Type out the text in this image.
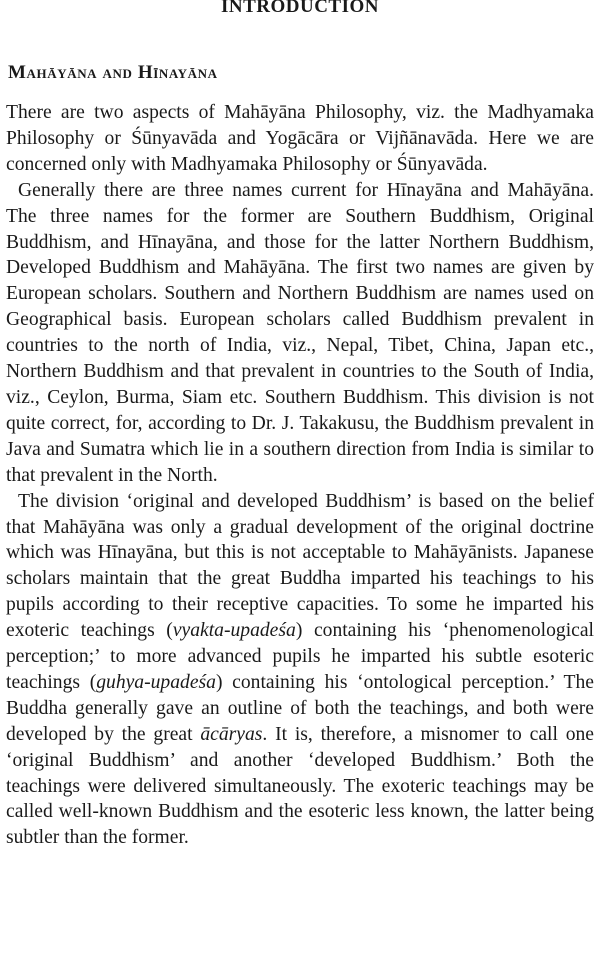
INTRODUCTION
Mahāyāna and Hīnayāna

There are two aspects of Mahāyāna Philosophy, viz. the Madhyamaka Philosophy or Śūnyavāda and Yogācāra or Vijñānavāda. Here we are concerned only with Madhyamaka Philosophy or Śūnyavāda.

Generally there are three names current for Hīnayāna and Mahāyāna. The three names for the former are Southern Buddhism, Original Buddhism, and Hīnayāna, and those for the latter Northern Buddhism, Developed Buddhism and Mahāyāna. The first two names are given by European scholars. Southern and Northern Buddhism are names used on Geographical basis. European scholars called Buddhism prevalent in countries to the north of India, viz., Nepal, Tibet, China, Japan etc., Northern Buddhism and that prevalent in countries to the South of India, viz., Ceylon, Burma, Siam etc. Southern Buddhism. This division is not quite correct, for, according to Dr. J. Takakusu, the Buddhism prevalent in Java and Sumatra which lie in a southern direction from India is similar to that prevalent in the North.

The division ‘original and developed Buddhism’ is based on the belief that Mahāyāna was only a gradual development of the original doctrine which was Hīnayāna, but this is not acceptable to Mahāyānists. Japanese scholars maintain that the great Buddha imparted his teachings to his pupils according to their receptive capacities. To some he imparted his exoteric teachings (vyakta-upadeśa) containing his ‘phenomenological perception;’ to more advanced pupils he imparted his subtle esoteric teachings (guhya-upadeśa) containing his ‘ontological perception.’ The Buddha generally gave an outline of both the teachings, and both were developed by the great ācāryas. It is, therefore, a misnomer to call one ‘original Buddhism’ and another ‘developed Buddhism.’ Both the teachings were delivered simultaneously. The exoteric teachings may be called well-known Buddhism and the esoteric less known, the latter being subtler than the former.
